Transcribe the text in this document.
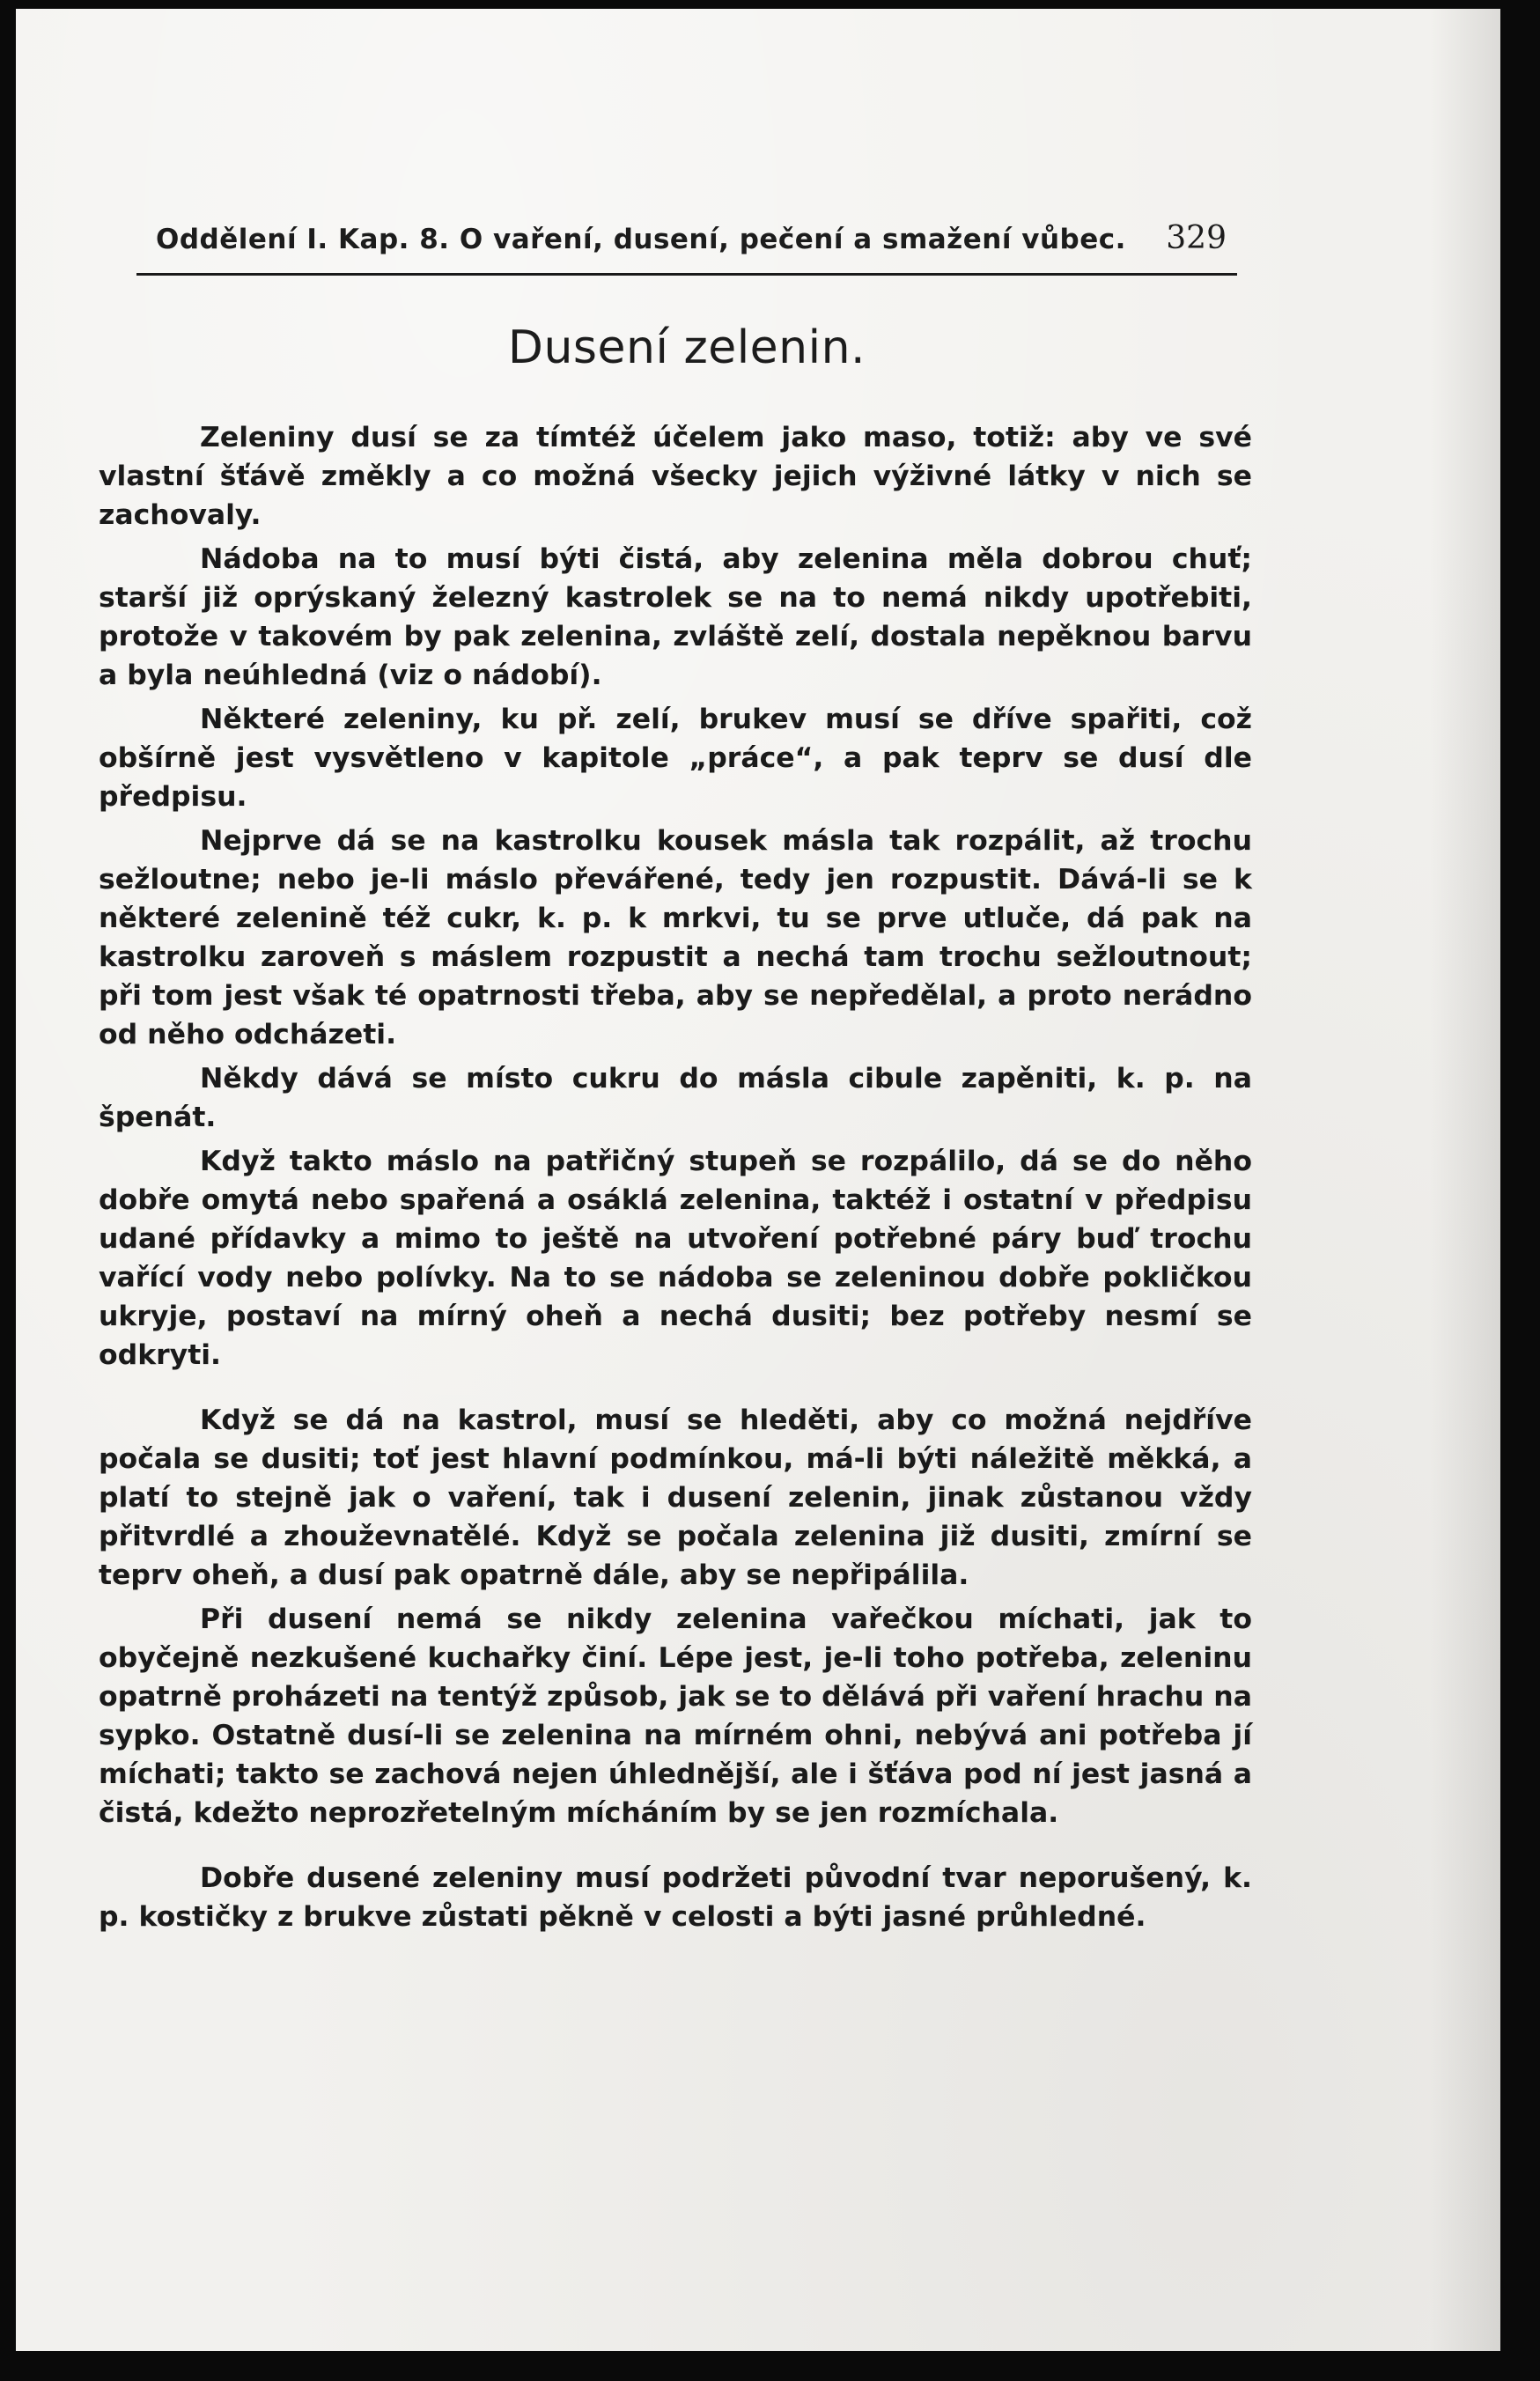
Oddělení I. Kap. 8. O vaření, dusení, pečení a smažení vůbec. 329
Dusení zelenin.

Zeleniny dusí se za tímtéž účelem jako maso, totiž: aby ve své vlastní šťávě změkly a co možná všecky jejich výživné látky v nich se zachovaly.

Nádoba na to musí býti čistá, aby zelenina měla dobrou chuť; starší již oprýskaný železný kastrolek se na to nemá nikdy upotřebiti, protože v takovém by pak zelenina, zvláště zelí, dostala nepěknou barvu a byla neúhledná (viz o nádobí).

Některé zeleniny, ku př. zelí, brukev musí se dříve spařiti, což obšírně jest vysvětleno v kapitole „práce“, a pak teprv se dusí dle předpisu.

Nejprve dá se na kastrolku kousek másla tak rozpálit, až trochu sežloutne; nebo je-li máslo převářené, tedy jen rozpustit. Dává-li se k některé zelenině též cukr, k. p. k mrkvi, tu se prve utluče, dá pak na kastrolku zaroveň s máslem rozpustit a nechá tam trochu sežloutnout; při tom jest však té opatrnosti třeba, aby se nepředělal, a proto nerádno od něho odcházeti.

Někdy dává se místo cukru do másla cibule zapěniti, k. p. na špenát.

Když takto máslo na patřičný stupeň se rozpálilo, dá se do něho dobře omytá nebo spařená a osáklá zelenina, taktéž i ostatní v předpisu udané přídavky a mimo to ještě na utvoření potřebné páry buď trochu vařící vody nebo polívky. Na to se nádoba se zeleninou dobře pokličkou ukryje, postaví na mírný oheň a nechá dusiti; bez potřeby nesmí se odkryti.

Když se dá na kastrol, musí se hleděti, aby co možná nejdříve počala se dusiti; toť jest hlavní podmínkou, má-li býti náležitě měkká, a platí to stejně jak o vaření, tak i dusení zelenin, jinak zůstanou vždy přitvrdlé a zhouževnatělé. Když se počala zelenina již dusiti, zmírní se teprv oheň, a dusí pak opatrně dále, aby se nepřipálila.

Při dusení nemá se nikdy zelenina vařečkou míchati, jak to obyčejně nezkušené kuchařky činí. Lépe jest, je-li toho potřeba, zeleninu opatrně proházeti na tentýž způsob, jak se to dělává při vaření hrachu na sypko. Ostatně dusí-li se zelenina na mírném ohni, nebývá ani potřeba jí míchati; takto se zachová nejen úhlednější, ale i šťáva pod ní jest jasná a čistá, kdežto neprozřetelným mícháním by se jen rozmíchala.

Dobře dusené zeleniny musí podržeti původní tvar neporušený, k. p. kostičky z brukve zůstati pěkně v celosti a býti jasné průhledné.
